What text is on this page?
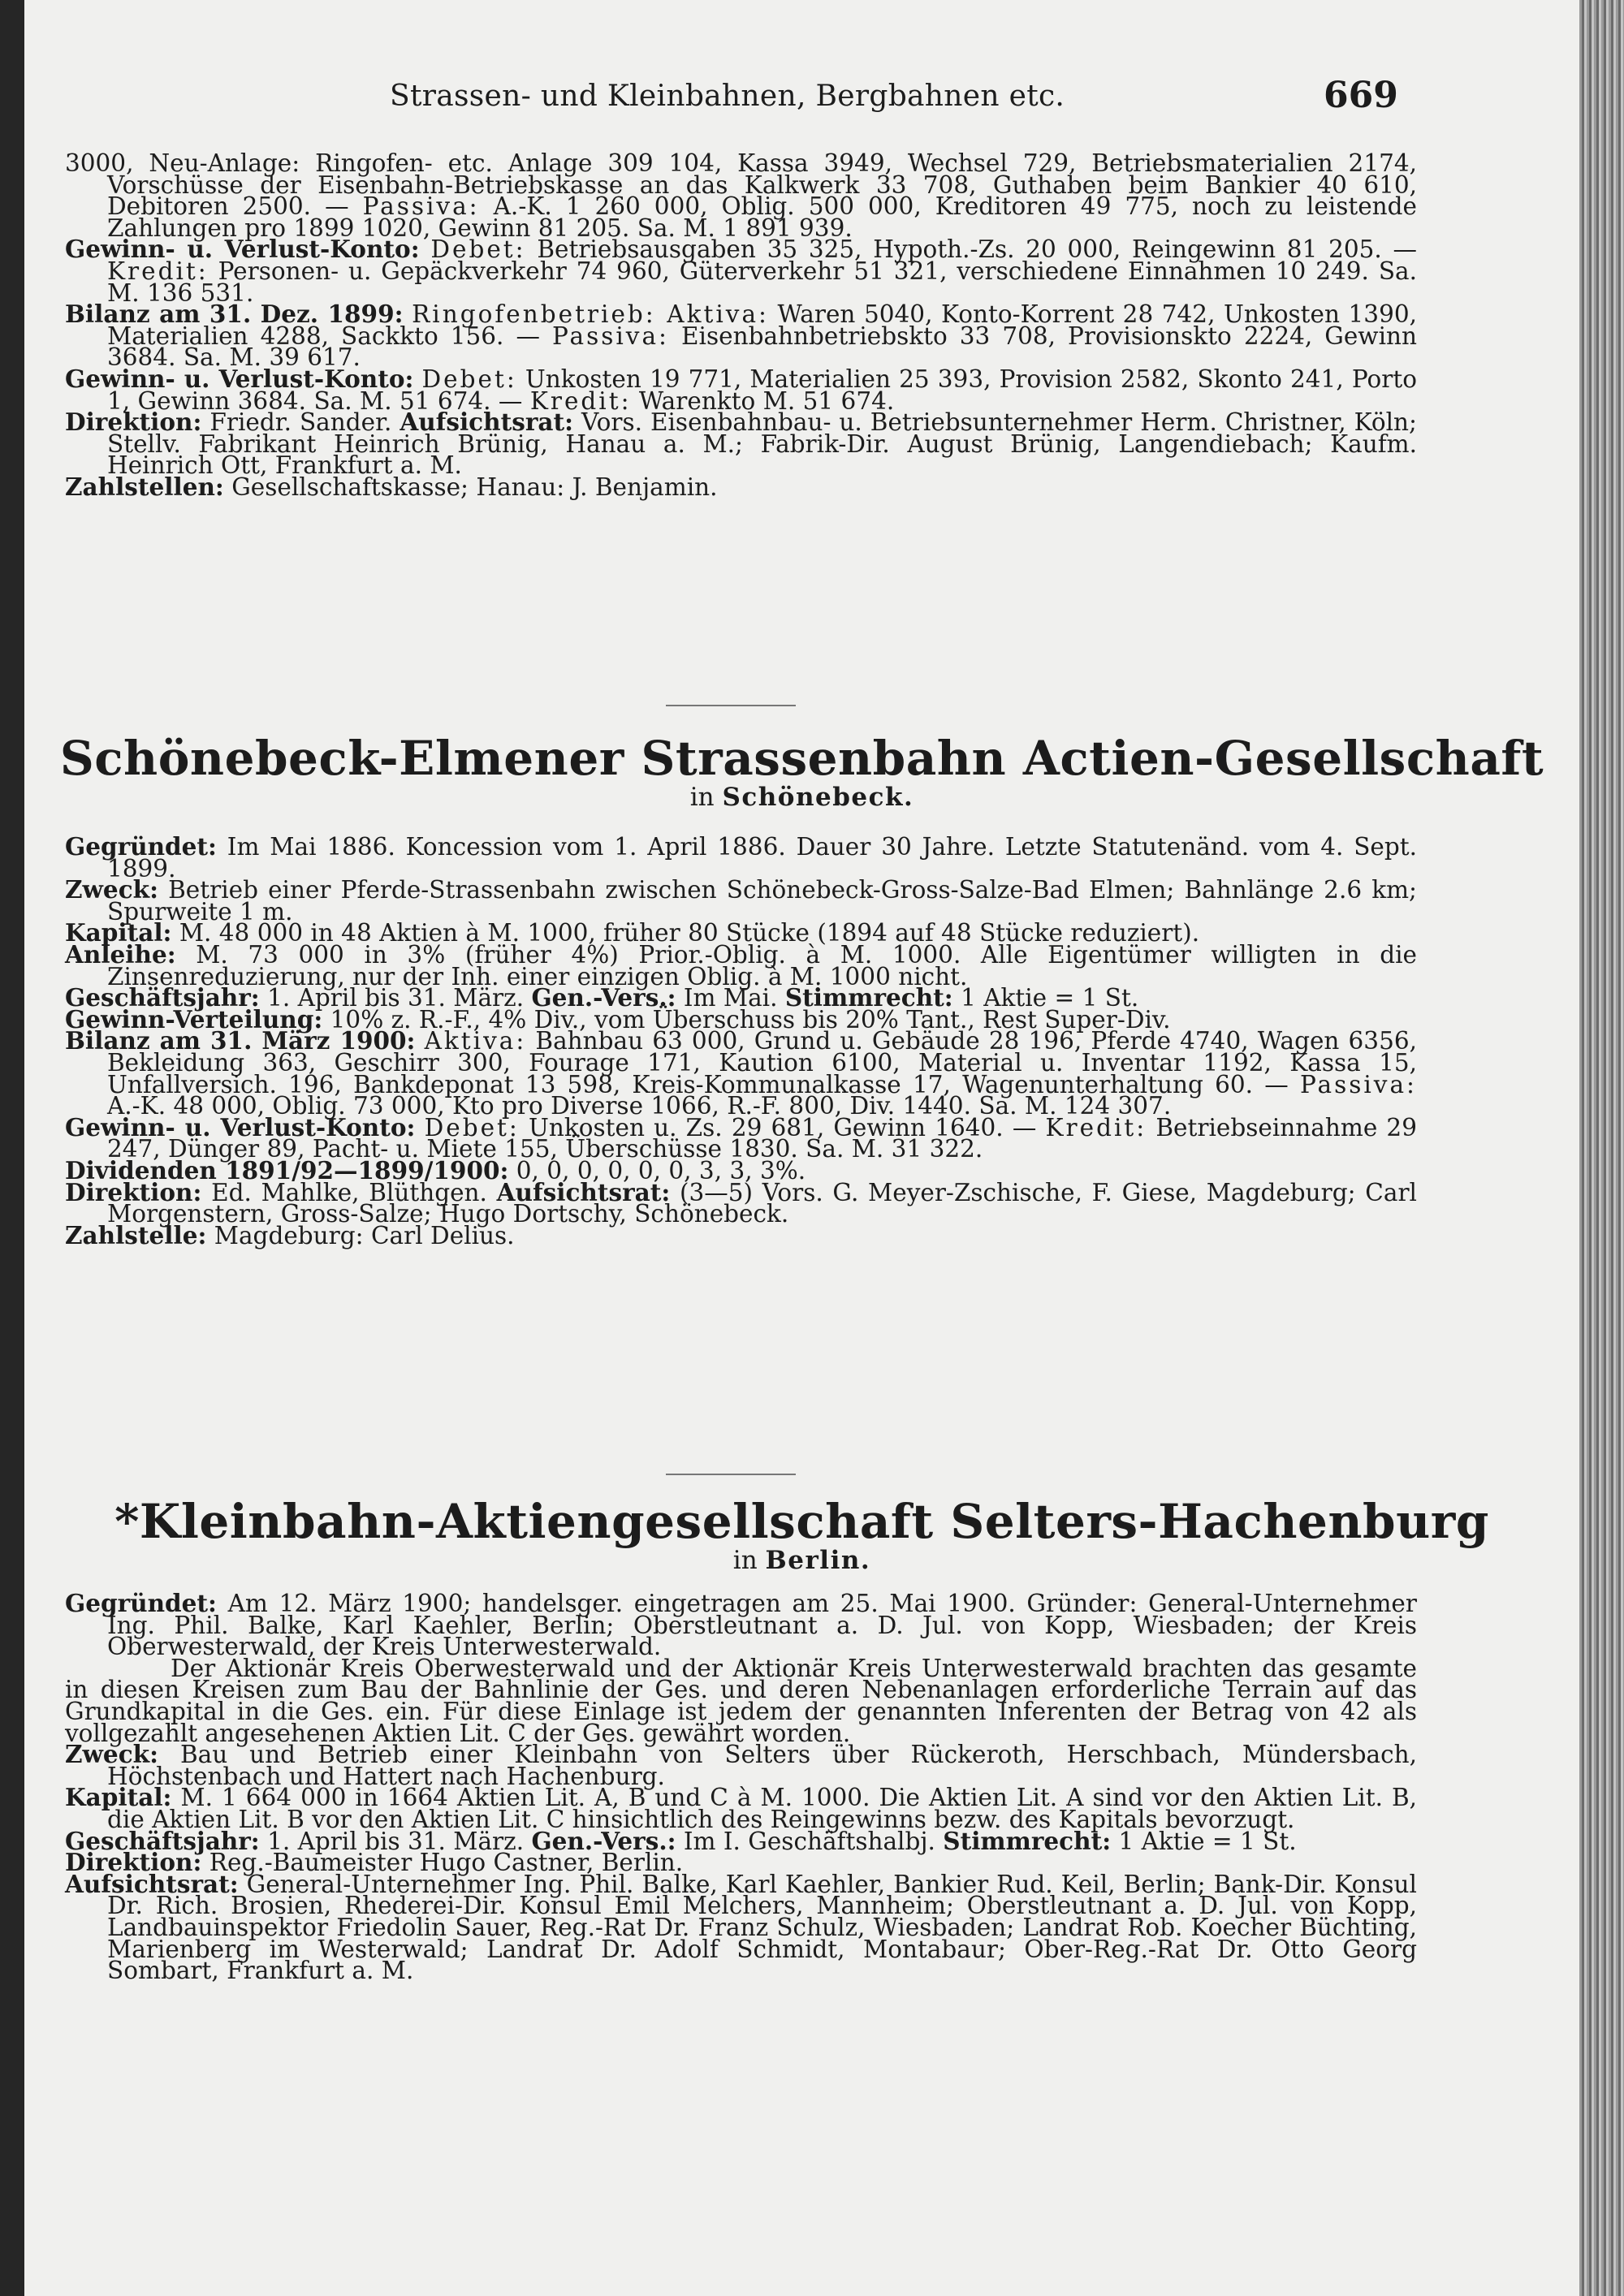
Strassen- und Kleinbahnen, Bergbahnen etc.	669

3000, Neu-Anlage: Ringofen- etc. Anlage 309 104, Kassa 3949, Wechsel 729, Betriebsmaterialien 2174, Vorschüsse der Eisenbahn-Betriebskasse an das Kalkwerk 33 708, Guthaben beim Bankier 40 610, Debitoren 2500. — Passiva: A.-K. 1 260 000, Oblig. 500 000, Kreditoren 49 775, noch zu leistende Zahlungen pro 1899 1020, Gewinn 81 205. Sa. M. 1 891 939.

Gewinn- u. Verlust-Konto: Debet: Betriebsausgaben 35 325, Hypoth.-Zs. 20 000, Reingewinn 81 205. — Kredit: Personen- u. Gepäckverkehr 74 960, Güterverkehr 51 321, verschiedene Einnahmen 10 249. Sa. M. 136 531.

Bilanz am 31. Dez. 1899: Ringofenbetrieb: Aktiva: Waren 5040, Konto-Korrent 28 742, Unkosten 1390, Materialien 4288, Sackkto 156. — Passiva: Eisenbahnbetriebskto 33 708, Provisionskto 2224, Gewinn 3684. Sa. M. 39 617.

Gewinn- u. Verlust-Konto: Debet: Unkosten 19 771, Materialien 25 393, Provision 2582, Skonto 241, Porto 1, Gewinn 3684. Sa. M. 51 674. — Kredit: Warenkto M. 51 674.

Direktion: Friedr. Sander. Aufsichtsrat: Vors. Eisenbahnbau- u. Betriebsunternehmer Herm. Christner, Köln; Stellv. Fabrikant Heinrich Brünig, Hanau a. M.; Fabrik-Dir. August Brünig, Langendiebach; Kaufm. Heinrich Ott, Frankfurt a. M.

Zahlstellen: Gesellschaftskasse; Hanau: J. Benjamin.

Schönebeck-Elmener Strassenbahn Actien-Gesellschaft
in Schönebeck.

Gegründet: Im Mai 1886. Koncession vom 1. April 1886. Dauer 30 Jahre. Letzte Statutenänd. vom 4. Sept. 1899.

Zweck: Betrieb einer Pferde-Strassenbahn zwischen Schönebeck-Gross-Salze-Bad Elmen; Bahnlänge 2.6 km; Spurweite 1 m.

Kapital: M. 48 000 in 48 Aktien à M. 1000, früher 80 Stücke (1894 auf 48 Stücke reduziert).

Anleihe: M. 73 000 in 3% (früher 4%) Prior.-Oblig. à M. 1000. Alle Eigentümer willigten in die Zinsenreduzierung, nur der Inh. einer einzigen Oblig. à M. 1000 nicht.

Geschäftsjahr: 1. April bis 31. März. Gen.-Vers.: Im Mai. Stimmrecht: 1 Aktie = 1 St.

Gewinn-Verteilung: 10% z. R.-F., 4% Div., vom Überschuss bis 20% Tant., Rest Super-Div.

Bilanz am 31. März 1900: Aktiva: Bahnbau 63 000, Grund u. Gebäude 28 196, Pferde 4740, Wagen 6356, Bekleidung 363, Geschirr 300, Fourage 171, Kaution 6100, Material u. Inventar 1192, Kassa 15, Unfallversich. 196, Bankdeponat 13 598, Kreis-Kommunalkasse 17, Wagenunterhaltung 60. — Passiva: A.-K. 48 000, Oblig. 73 000, Kto pro Diverse 1066, R.-F. 800, Div. 1440. Sa. M. 124 307.

Gewinn- u. Verlust-Konto: Debet: Unkosten u. Zs. 29 681, Gewinn 1640. — Kredit: Betriebseinnahme 29 247, Dünger 89, Pacht- u. Miete 155, Überschüsse 1830. Sa. M. 31 322.

Dividenden 1891/92—1899/1900: 0, 0, 0, 0, 0, 0, 3, 3, 3%.

Direktion: Ed. Mahlke, Blüthgen. Aufsichtsrat: (3—5) Vors. G. Meyer-Zschische, F. Giese, Magdeburg; Carl Morgenstern, Gross-Salze; Hugo Dortschy, Schönebeck.

Zahlstelle: Magdeburg: Carl Delius.

*Kleinbahn-Aktiengesellschaft Selters-Hachenburg
in Berlin.

Gegründet: Am 12. März 1900; handelsger. eingetragen am 25. Mai 1900. Gründer: General-Unternehmer Ing. Phil. Balke, Karl Kaehler, Berlin; Oberstleutnant a. D. Jul. von Kopp, Wiesbaden; der Kreis Oberwesterwald, der Kreis Unterwesterwald.

Der Aktionär Kreis Oberwesterwald und der Aktionär Kreis Unterwesterwald brachten das gesamte in diesen Kreisen zum Bau der Bahnlinie der Ges. und deren Nebenanlagen erforderliche Terrain auf das Grundkapital in die Ges. ein. Für diese Einlage ist jedem der genannten Inferenten der Betrag von 42 als vollgezahlt angesehenen Aktien Lit. C der Ges. gewährt worden.

Zweck: Bau und Betrieb einer Kleinbahn von Selters über Rückeroth, Herschbach, Mündersbach, Höchstenbach und Hattert nach Hachenburg.

Kapital: M. 1 664 000 in 1664 Aktien Lit. A, B und C à M. 1000. Die Aktien Lit. A sind vor den Aktien Lit. B, die Aktien Lit. B vor den Aktien Lit. C hinsichtlich des Reingewinns bezw. des Kapitals bevorzugt.

Geschäftsjahr: 1. April bis 31. März. Gen.-Vers.: Im I. Geschäftshalbj. Stimmrecht: 1 Aktie = 1 St.

Direktion: Reg.-Baumeister Hugo Castner, Berlin.

Aufsichtsrat: General-Unternehmer Ing. Phil. Balke, Karl Kaehler, Bankier Rud. Keil, Berlin; Bank-Dir. Konsul Dr. Rich. Brosien, Rhederei-Dir. Konsul Emil Melchers, Mannheim; Oberstleutnant a. D. Jul. von Kopp, Landbauinspektor Friedolin Sauer, Reg.-Rat Dr. Franz Schulz, Wiesbaden; Landrat Rob. Koecher Büchting, Marienberg im Westerwald; Landrat Dr. Adolf Schmidt, Montabaur; Ober-Reg.-Rat Dr. Otto Georg Sombart, Frankfurt a. M.
